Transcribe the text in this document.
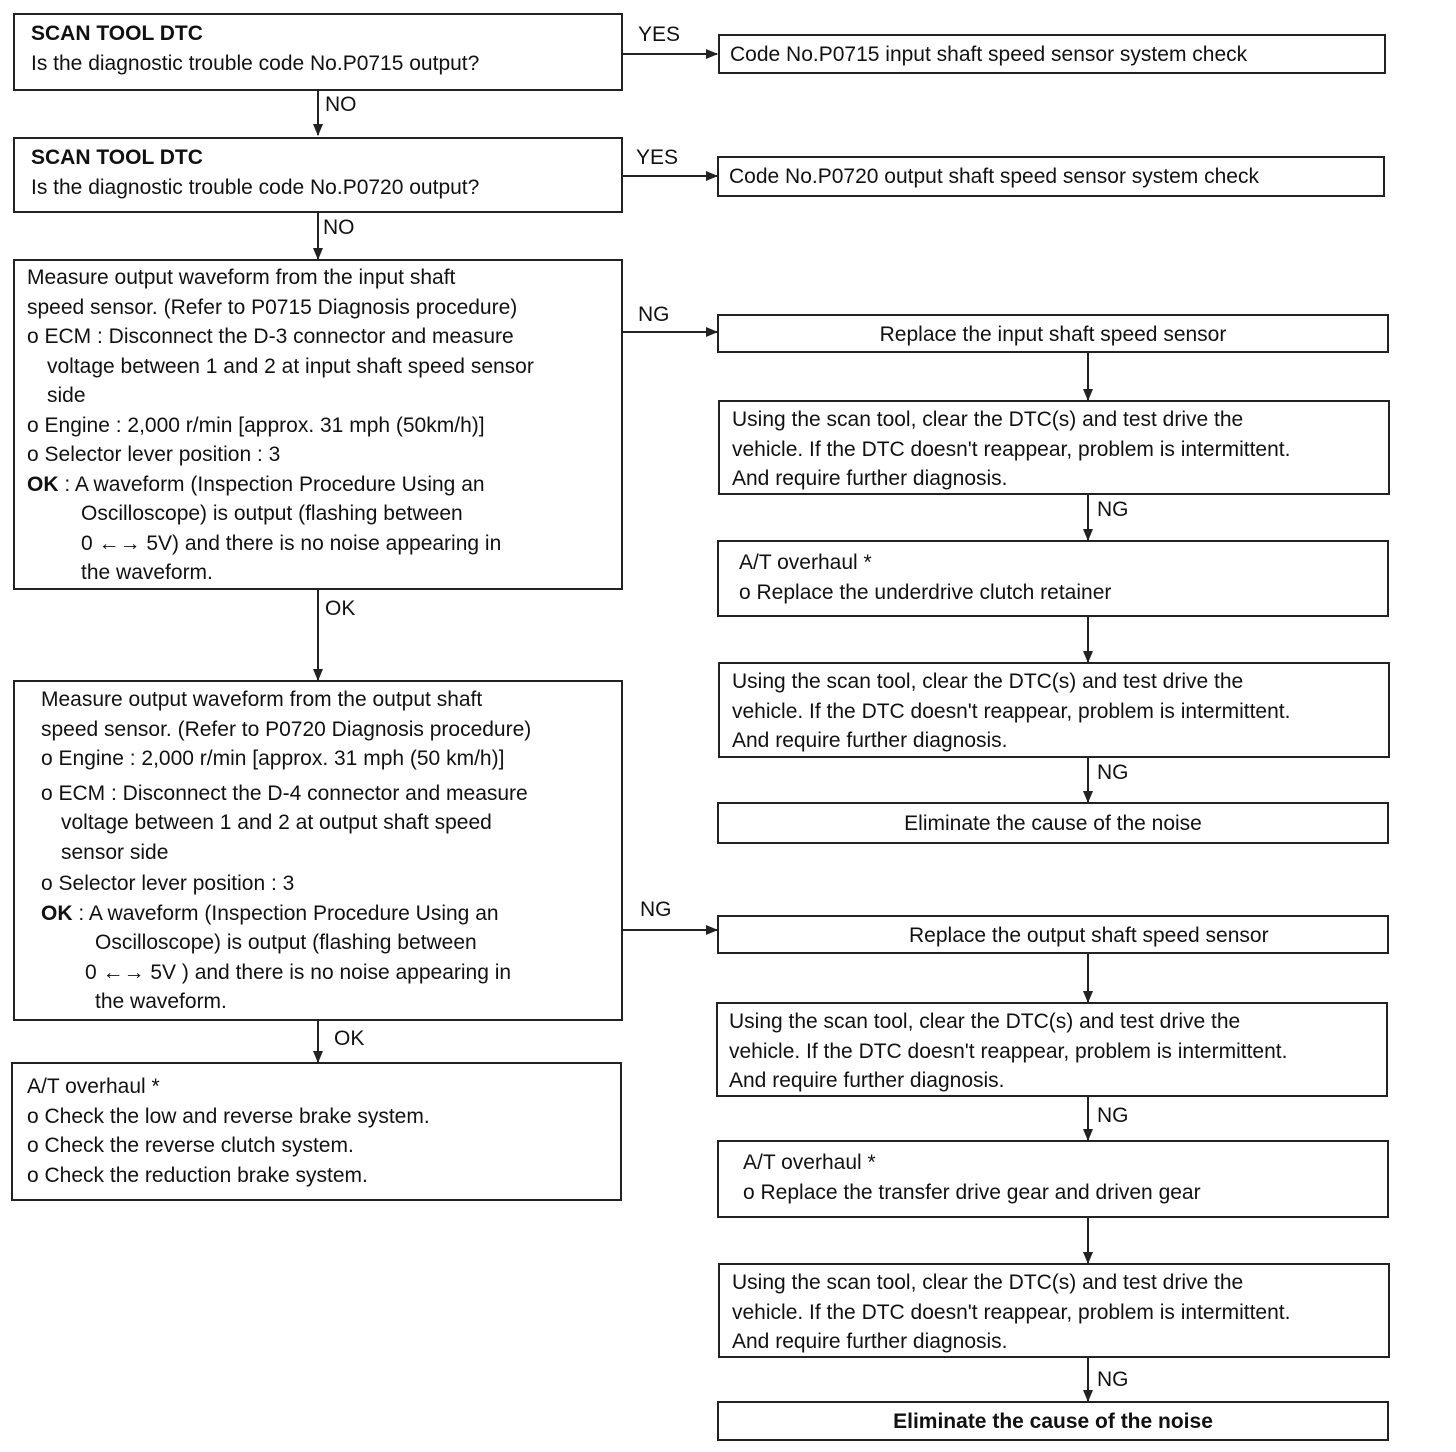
SCAN TOOL DTC
Is the diagnostic trouble code No.P0715 output?
SCAN TOOL DTC
Is the diagnostic trouble code No.P0720 output?
Measure output waveform from the input shaft
speed sensor. (Refer to P0715 Diagnosis procedure)
o ECM : Disconnect the D-3 connector and measure
voltage between 1 and 2 at input shaft speed sensor
side
o Engine : 2,000 r/min [approx. 31 mph (50km/h)]
o Selector lever position : 3
OK : A waveform (Inspection Procedure Using an
Oscilloscope) is output (flashing between
0 ←→ 5V) and there is no noise appearing in
the waveform.
Measure output waveform from the output shaft
speed sensor. (Refer to P0720 Diagnosis procedure)
o Engine : 2,000 r/min [approx. 31 mph (50 km/h)]
o ECM : Disconnect the D-4 connector and measure
voltage between 1 and 2 at output shaft speed
sensor side
o Selector lever position : 3
OK : A waveform (Inspection Procedure Using an
Oscilloscope) is output (flashing between
0 ←→ 5V ) and there is no noise appearing in
the waveform.
A/T overhaul *
o Check the low and reverse brake system.
o Check the reverse clutch system.
o Check the reduction brake system.
Code No.P0715 input shaft speed sensor system check
Code No.P0720 output shaft speed sensor system check
Replace the input shaft speed sensor
Using the scan tool, clear the DTC(s) and test drive the
vehicle. If the DTC doesn't reappear, problem is intermittent.
And require further diagnosis.
A/T overhaul *
o Replace the underdrive clutch retainer
Using the scan tool, clear the DTC(s) and test drive the
vehicle. If the DTC doesn't reappear, problem is intermittent.
And require further diagnosis.
Eliminate the cause of the noise
Replace the output shaft speed sensor
Using the scan tool, clear the DTC(s) and test drive the
vehicle. If the DTC doesn't reappear, problem is intermittent.
And require further diagnosis.
A/T overhaul *
o Replace the transfer drive gear and driven gear
Using the scan tool, clear the DTC(s) and test drive the
vehicle. If the DTC doesn't reappear, problem is intermittent.
And require further diagnosis.
Eliminate the cause of the noise
YES
NO
YES
NO
NG
OK
NG
OK
NG
NG
NG
NG
